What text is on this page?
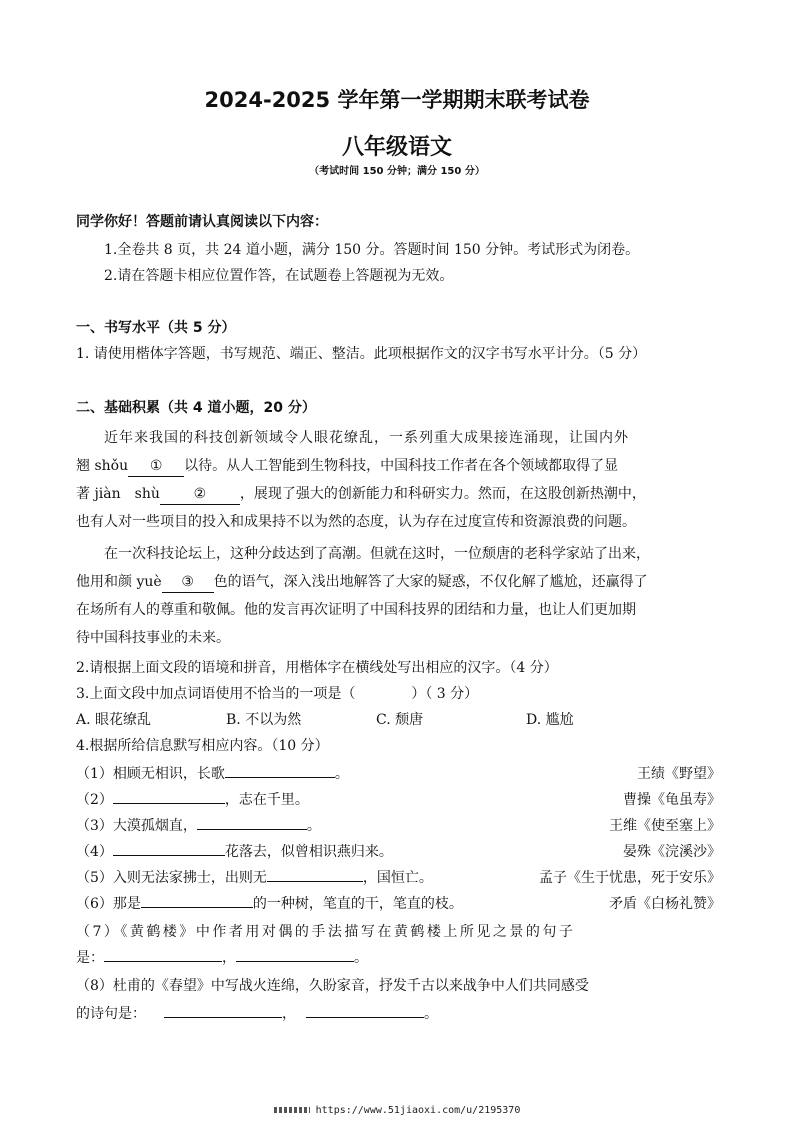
2024-2025 学年第一学期期末联考试卷
八年级语文
（考试时间 150 分钟；满分 150 分）
同学你好！答题前请认真阅读以下内容：
1.全卷共 8 页，共 24 道小题，满分 150 分。答题时间 150 分钟。考试形式为闭卷。
2.请在答题卡相应位置作答，在试题卷上答题视为无效。
一、书写水平（共 5 分）
1. 请使用楷体字答题，书写规范、端正、整洁。此项根据作文的汉字书写水平计分。（5 分）
二、基础积累（共 4 道小题，20 分）
近年来我国的科技创新领域令人眼花缭乱，一系列重大成果接连涌现，让国内外
翘 shǒu ① 以待。从人工智能到生物科技，中国科技工作者在各个领域都取得了显
著 jiàn　shù ② ，展现了强大的创新能力和科研实力。然而，在这股创新热潮中，
也有人对一些项目的投入和成果持不以为然的态度，认为存在过度宣传和资源浪费的问题。
在一次科技论坛上，这种分歧达到了高潮。但就在这时，一位颓唐的老科学家站了出来，
他用和颜 yuè ③ 色的语气，深入浅出地解答了大家的疑惑，不仅化解了尴尬，还赢得了
在场所有人的尊重和敬佩。他的发言再次证明了中国科技界的团结和力量，也让人们更加期
待中国科技事业的未来。
2.请根据上面文段的语境和拼音，用楷体字在横线处写出相应的汉字。（4 分）
3.上面文段中加点词语使用不恰当的一项是（	）（ 3 分）
A. 眼花缭乱	B. 不以为然	C. 颓唐	D. 尴尬
4.根据所给信息默写相应内容。（10 分）
（1）相顾无相识，长歌	。	王绩《野望》
（2）	，志在千里。	曹操《龟虽寿》
（3）大漠孤烟直，	。	王维《使至塞上》
（4）	花落去，似曾相识燕归来。	晏殊《浣溪沙》
（5）入则无法家拂士，出则无	，国恒亡。	孟子《生于忧患，死于安乐》
（6）那是	的一种树，笔直的干，笔直的枝。	矛盾《白杨礼赞》
（7）《黄鹤楼》中作者用对偶的手法描写在黄鹤楼上所见之景的句子
是：	，	。
（8）杜甫的《春望》中写战火连绵，久盼家音，抒发千古以来战争中人们共同感受
的诗句是：	，	。
https://www.51jiaoxi.com/u/2195370
